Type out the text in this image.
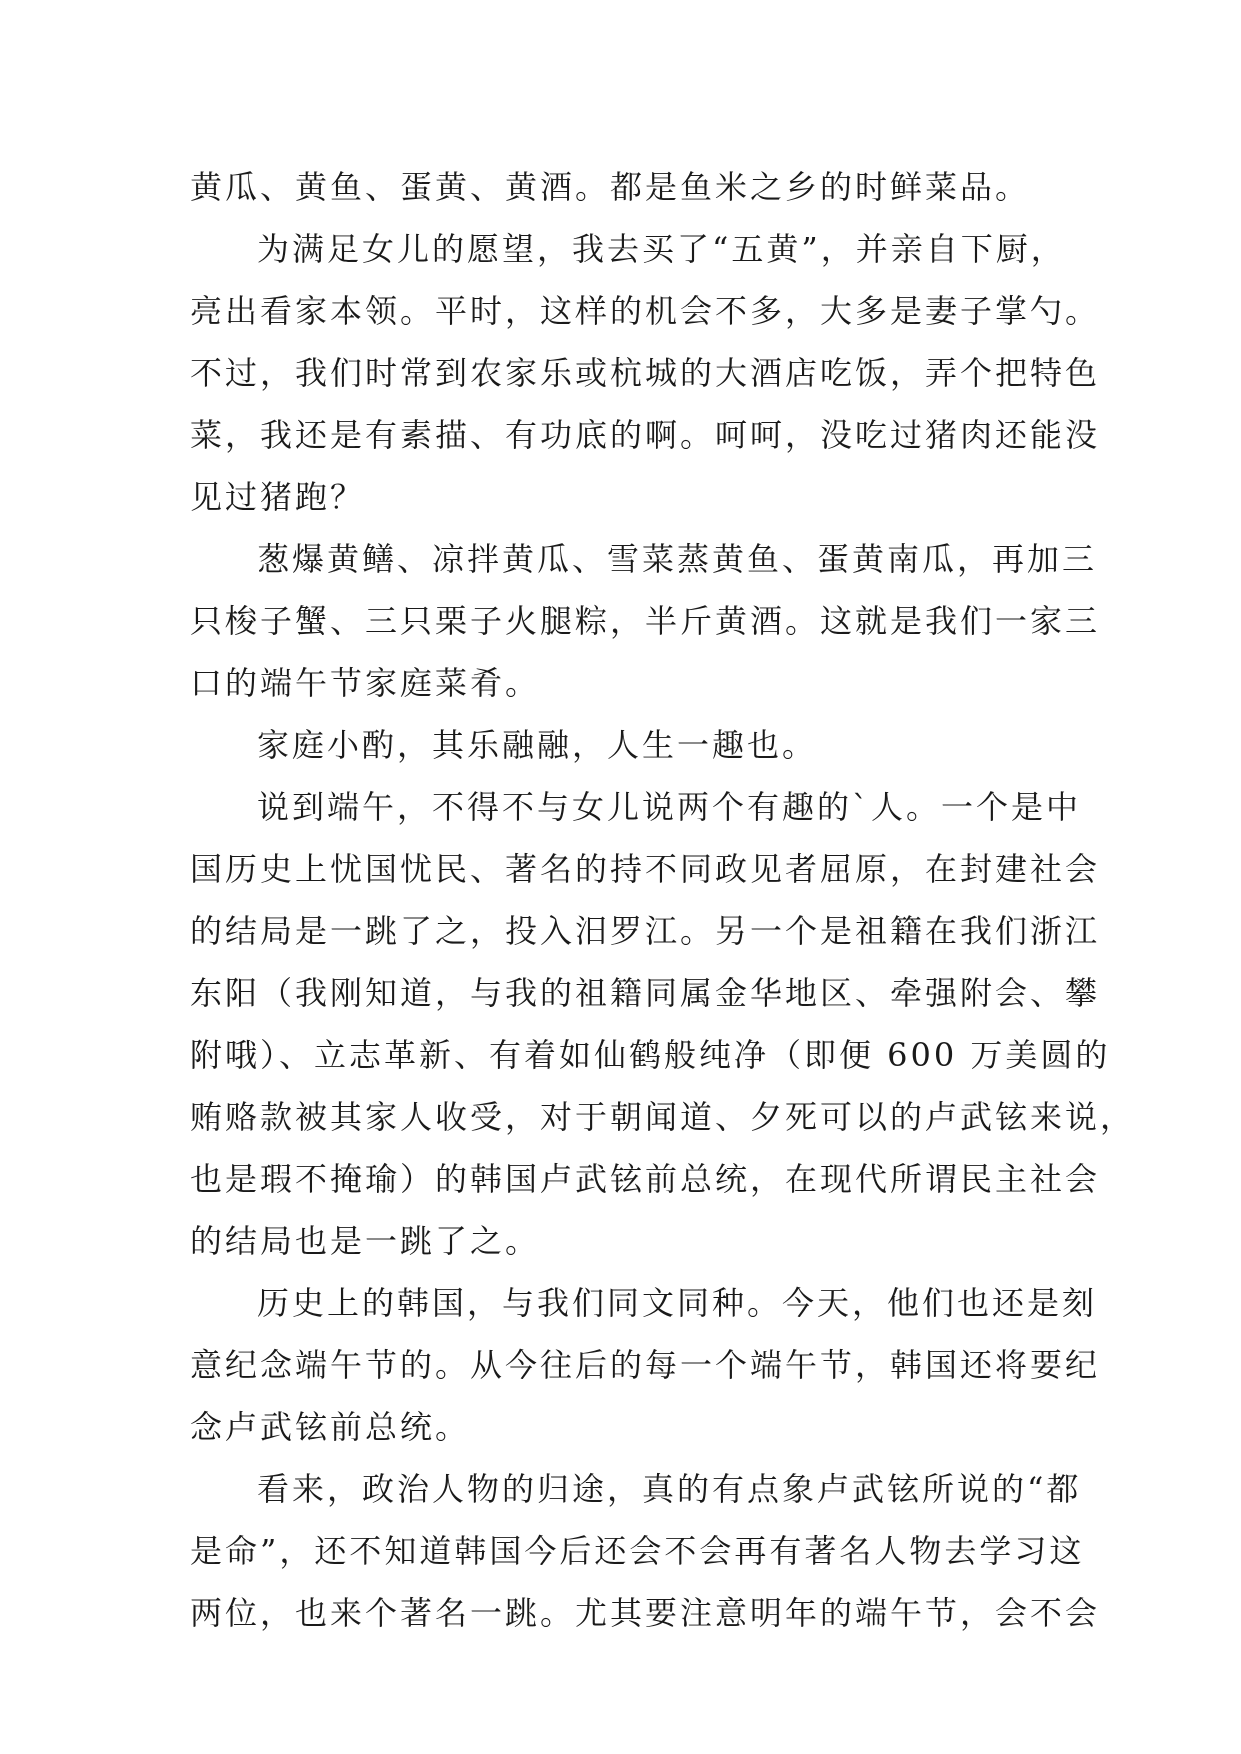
黄瓜、黄鱼、蛋黄、黄酒。都是鱼米之乡的时鲜菜品。
为满足女儿的愿望，我去买了“五黄”，并亲自下厨，
亮出看家本领。平时，这样的机会不多，大多是妻子掌勺。
不过，我们时常到农家乐或杭城的大酒店吃饭，弄个把特色
菜，我还是有素描、有功底的啊。呵呵，没吃过猪肉还能没
见过猪跑？
葱爆黄鳝、凉拌黄瓜、雪菜蒸黄鱼、蛋黄南瓜，再加三
只梭子蟹、三只栗子火腿粽，半斤黄酒。这就是我们一家三
口的端午节家庭菜肴。
家庭小酌，其乐融融，人生一趣也。
说到端午，不得不与女儿说两个有趣的`人。一个是中
国历史上忧国忧民、著名的持不同政见者屈原，在封建社会
的结局是一跳了之，投入汨罗江。另一个是祖籍在我们浙江
东阳（我刚知道，与我的祖籍同属金华地区、牵强附会、攀
附哦）、立志革新、有着如仙鹤般纯净（即便 600 万美圆的
贿赂款被其家人收受，对于朝闻道、夕死可以的卢武铉来说，
也是瑕不掩瑜）的韩国卢武铉前总统，在现代所谓民主社会
的结局也是一跳了之。
历史上的韩国，与我们同文同种。今天，他们也还是刻
意纪念端午节的。从今往后的每一个端午节，韩国还将要纪
念卢武铉前总统。
看来，政治人物的归途，真的有点象卢武铉所说的“都
是命”，还不知道韩国今后还会不会再有著名人物去学习这
两位，也来个著名一跳。尤其要注意明年的端午节，会不会
